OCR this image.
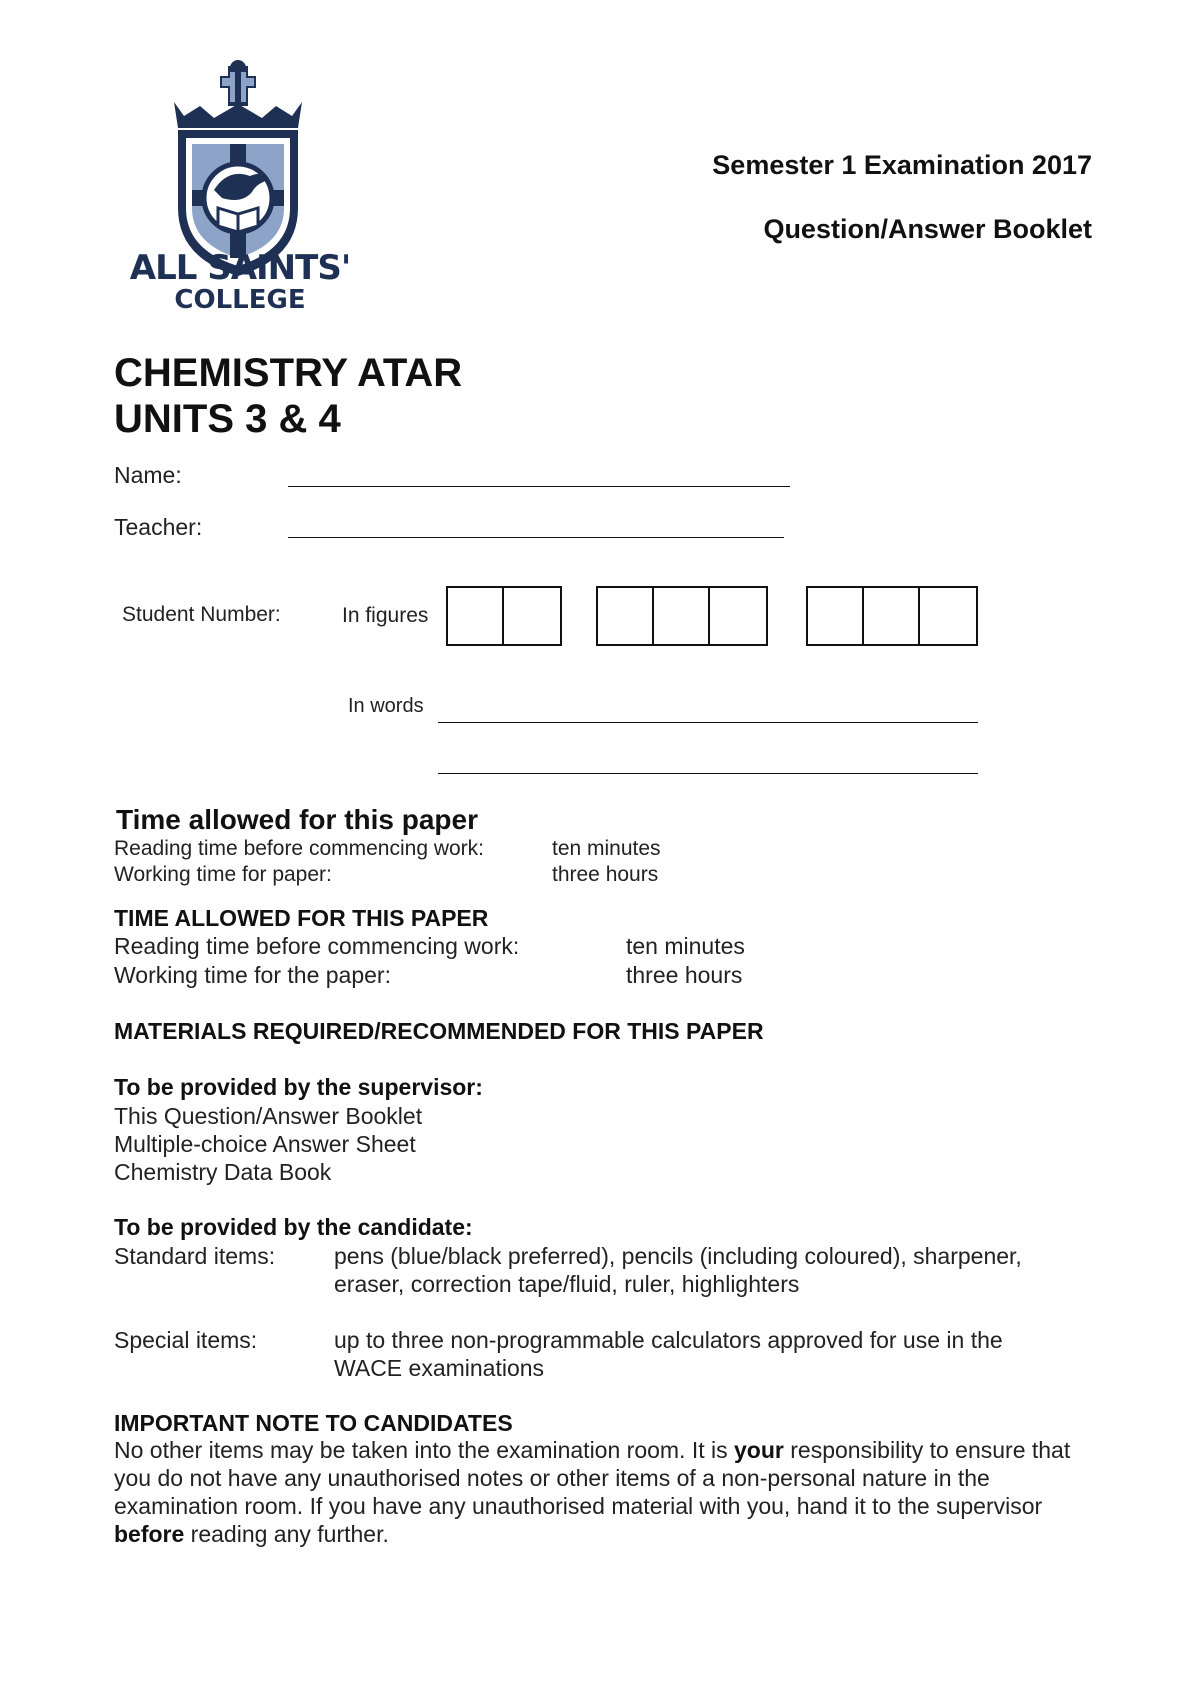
ALL SAINTS'
COLLEGE
Semester 1 Examination 2017
Question/Answer Booklet
CHEMISTRY ATAR
UNITS 3 & 4
Name:
Teacher:
Student Number:	In figures
In words
Time allowed for this paper
Reading time before commencing work:	ten minutes
Working time for paper:	three hours
TIME ALLOWED FOR THIS PAPER
Reading time before commencing work:	ten minutes
Working time for the paper:	three hours
MATERIALS REQUIRED/RECOMMENDED FOR THIS PAPER
To be provided by the supervisor:
This Question/Answer Booklet
Multiple-choice Answer Sheet
Chemistry Data Book
To be provided by the candidate:
Standard items:	pens (blue/black preferred), pencils (including coloured), sharpener,
eraser, correction tape/fluid, ruler, highlighters
Special items:	up to three non-programmable calculators approved for use in the
WACE examinations
IMPORTANT NOTE TO CANDIDATES
No other items may be taken into the examination room. It is your responsibility to ensure that you do not have any unauthorised notes or other items of a non-personal nature in the examination room. If you have any unauthorised material with you, hand it to the supervisor before reading any further.
